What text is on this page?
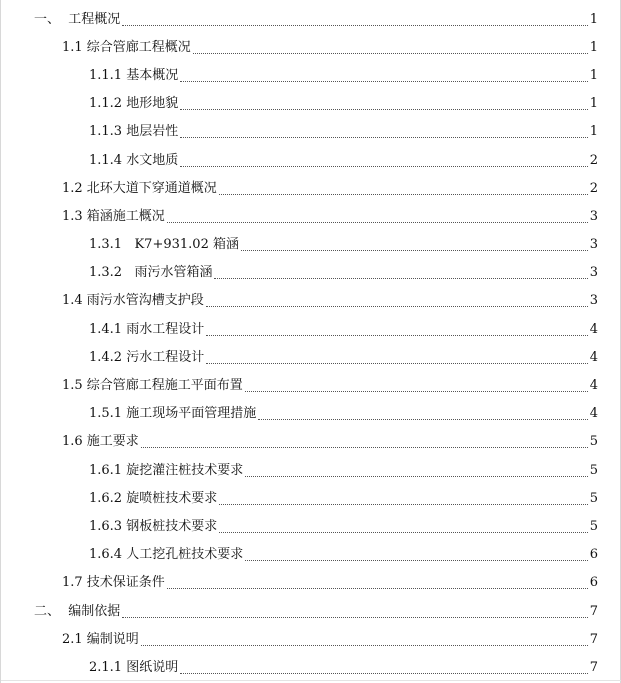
一、  工程概况	1
1.1 综合管廊工程概况	1
1.1.1 基本概况	1
1.1.2 地形地貌	1
1.1.3 地层岩性	1
1.1.4 水文地质	2
1.2 北环大道下穿通道概况	2
1.3 箱涵施工概况	3
1.3.1   K7+931.02 箱涵	3
1.3.2   雨污水管箱涵	3
1.4 雨污水管沟槽支护段	3
1.4.1 雨水工程设计	4
1.4.2 污水工程设计	4
1.5 综合管廊工程施工平面布置	4
1.5.1 施工现场平面管理措施	4
1.6 施工要求	5
1.6.1 旋挖灌注桩技术要求	5
1.6.2 旋喷桩技术要求	5
1.6.3 钢板桩技术要求	5
1.6.4 人工挖孔桩技术要求	6
1.7 技术保证条件	6
二、  编制依据	7
2.1 编制说明	7
2.1.1 图纸说明	7
